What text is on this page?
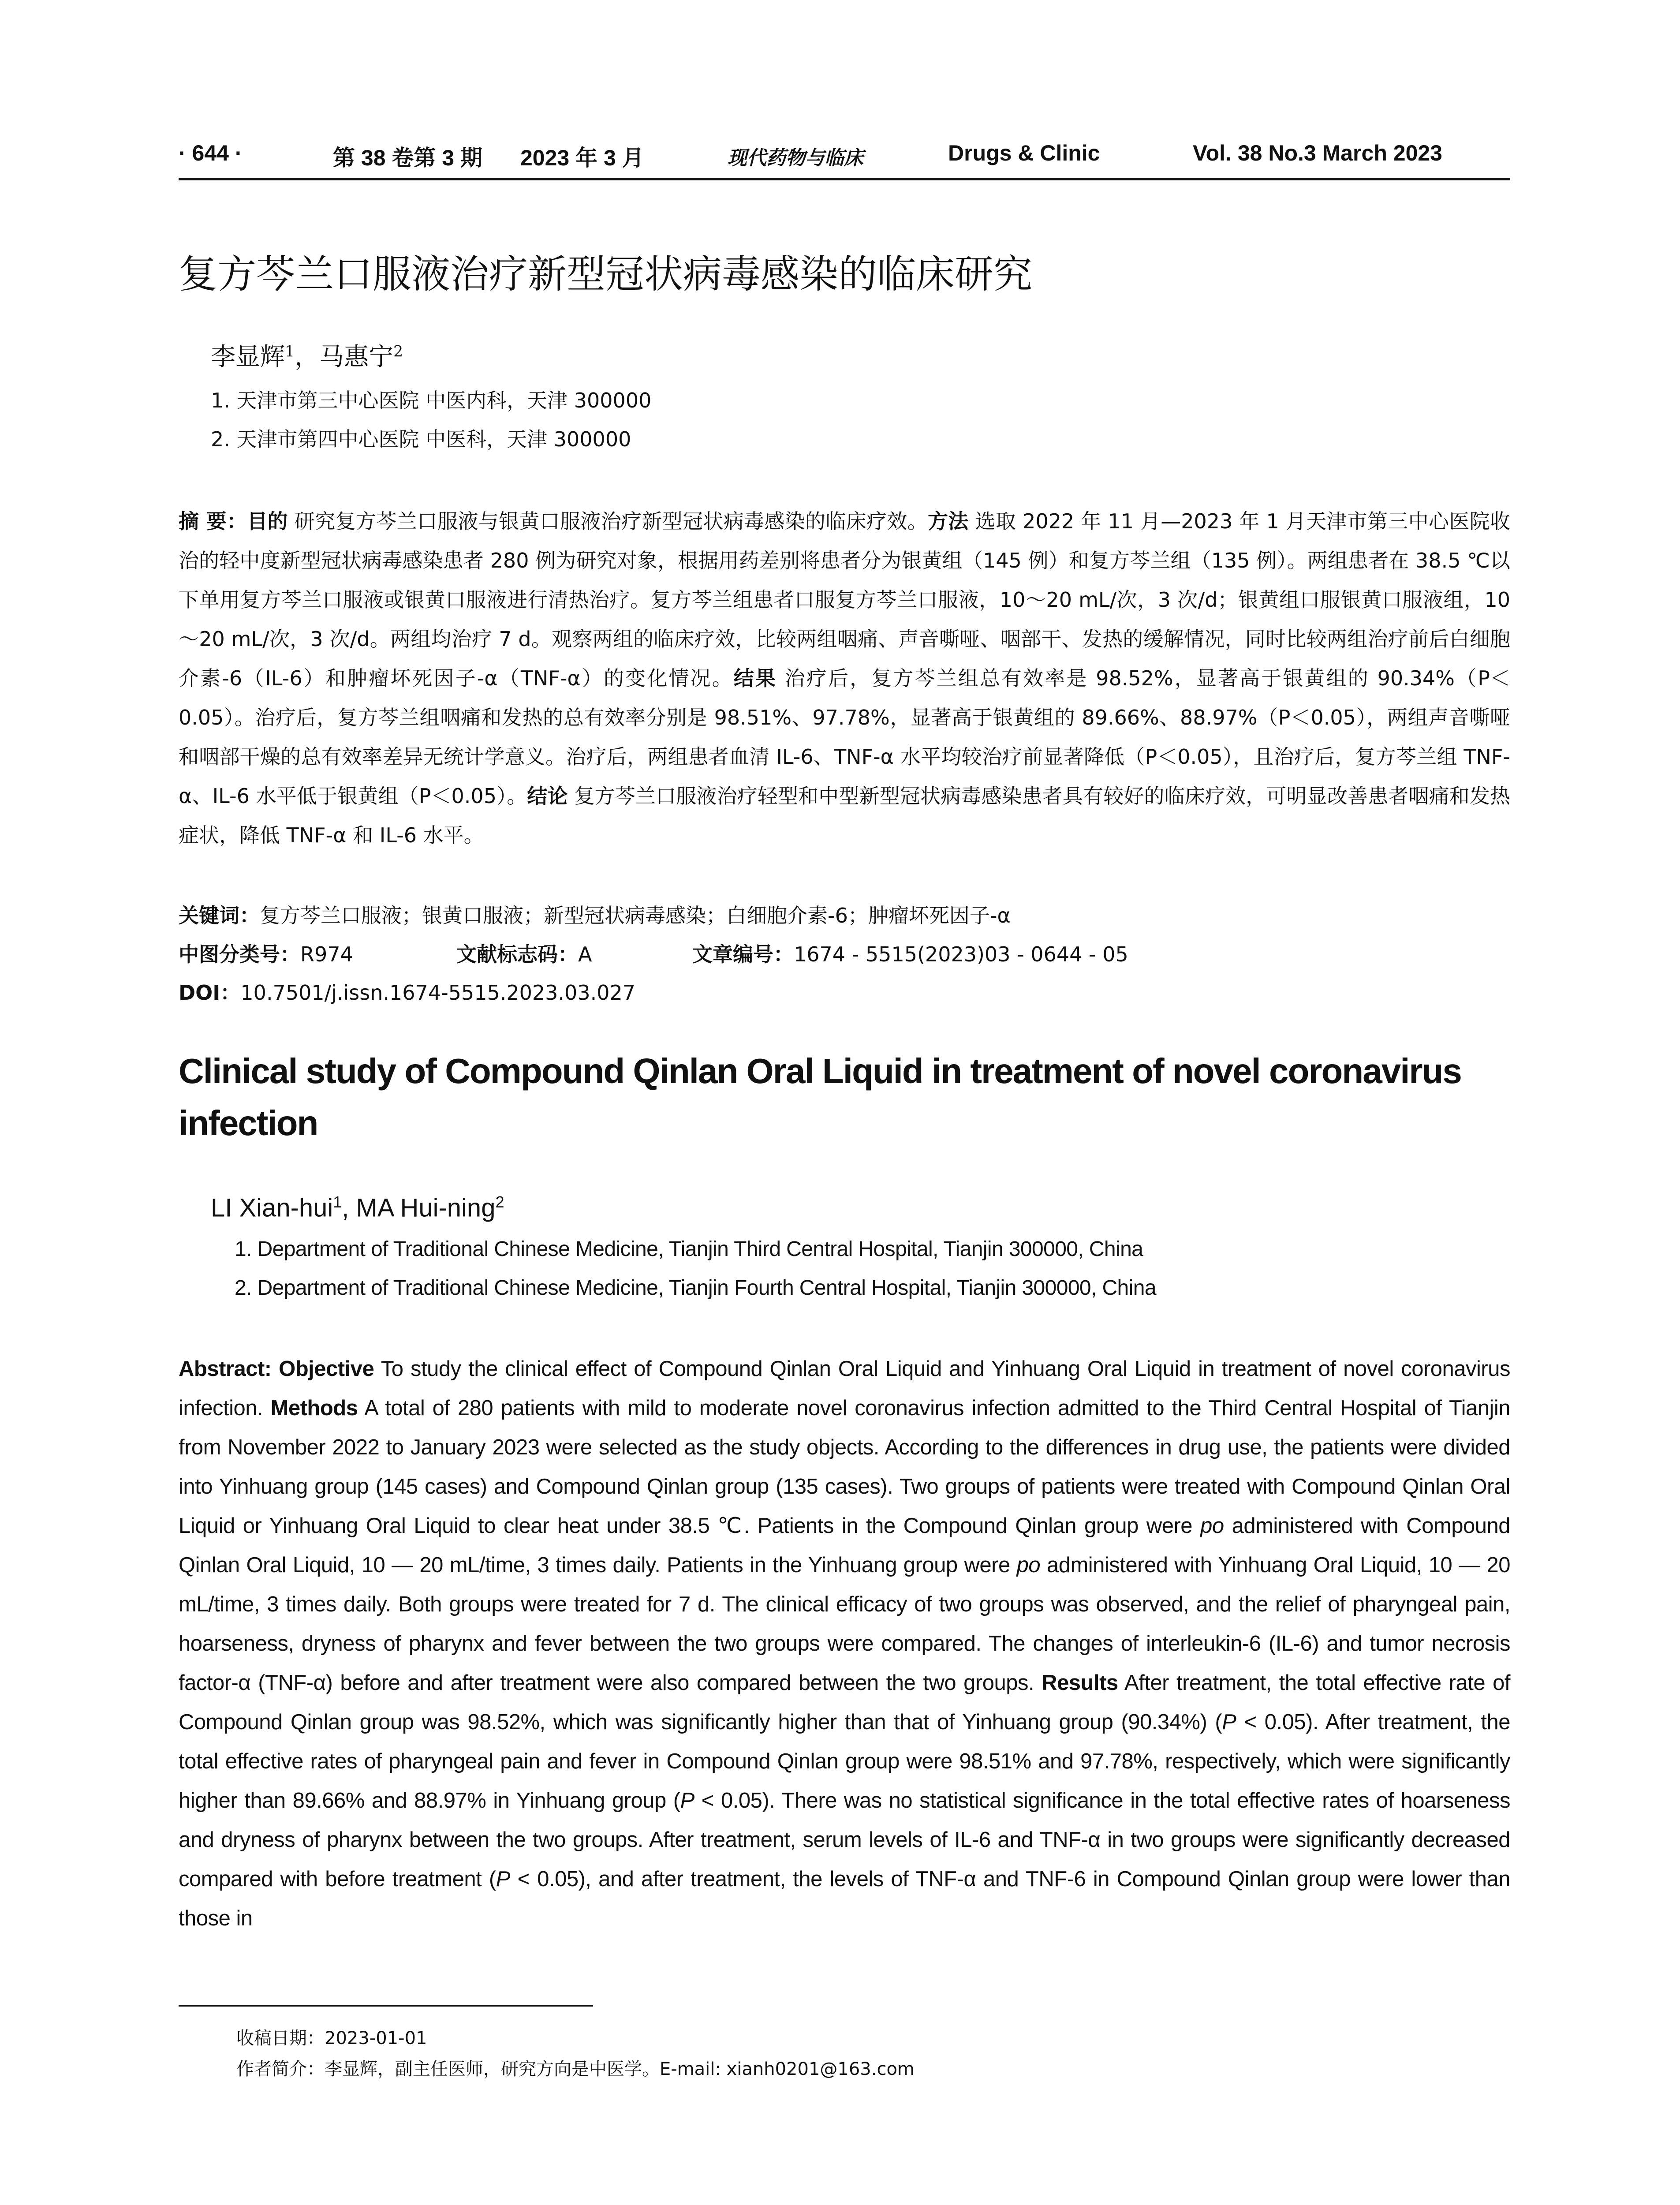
· 644 ·	第 38 卷第 3 期 2023 年 3 月	现代药物与临床	Drugs & Clinic	Vol. 38 No.3 March 2023
复方芩兰口服液治疗新型冠状病毒感染的临床研究
李显辉$^1$，马惠宁$^2$
1. 天津市第三中心医院 中医内科，天津 300000
2. 天津市第四中心医院 中医科，天津 300000
摘 要：目的 研究复方芩兰口服液与银黄口服液治疗新型冠状病毒感染的临床疗效。方法 选取 2022 年 11 月—2023 年 1 月天津市第三中心医院收治的轻中度新型冠状病毒感染患者 280 例为研究对象，根据用药差别将患者分为银黄组（145 例）和复方芩兰组（135 例）。两组患者在 38.5 ℃以下单用复方芩兰口服液或银黄口服液进行清热治疗。复方芩兰组患者口服复方芩兰口服液，10～20 mL/次，3 次/d；银黄组口服银黄口服液组，10～20 mL/次，3 次/d。两组均治疗 7 d。观察两组的临床疗效，比较两组咽痛、声音嘶哑、咽部干、发热的缓解情况，同时比较两组治疗前后白细胞介素-6（IL-6）和肿瘤坏死因子-α（TNF-α）的变化情况。结果 治疗后，复方芩兰组总有效率是 98.52%，显著高于银黄组的 90.34%（P＜0.05）。治疗后，复方芩兰组咽痛和发热的总有效率分别是 98.51%、97.78%，显著高于银黄组的 89.66%、88.97%（P＜0.05），两组声音嘶哑和咽部干燥的总有效率差异无统计学意义。治疗后，两组患者血清 IL-6、TNF-α 水平均较治疗前显著降低（P＜0.05），且治疗后，复方芩兰组 TNF-α、IL-6 水平低于银黄组（P＜0.05）。结论 复方芩兰口服液治疗轻型和中型新型冠状病毒感染患者具有较好的临床疗效，可明显改善患者咽痛和发热症状，降低 TNF-α 和 IL-6 水平。
关键词：复方芩兰口服液；银黄口服液；新型冠状病毒感染；白细胞介素-6；肿瘤坏死因子-α
中图分类号：R974	文献标志码：A	文章编号：1674 - 5515(2023)03 - 0644 - 05
DOI：10.7501/j.issn.1674-5515.2023.03.027
Clinical study of Compound Qinlan Oral Liquid in treatment of novel coronavirus infection
LI Xian-hui$^1$, MA Hui-ning$^2$
1. Department of Traditional Chinese Medicine, Tianjin Third Central Hospital, Tianjin 300000, China
2. Department of Traditional Chinese Medicine, Tianjin Fourth Central Hospital, Tianjin 300000, China
Abstract: Objective To study the clinical effect of Compound Qinlan Oral Liquid and Yinhuang Oral Liquid in treatment of novel coronavirus infection. Methods A total of 280 patients with mild to moderate novel coronavirus infection admitted to the Third Central Hospital of Tianjin from November 2022 to January 2023 were selected as the study objects. According to the differences in drug use, the patients were divided into Yinhuang group (145 cases) and Compound Qinlan group (135 cases). Two groups of patients were treated with Compound Qinlan Oral Liquid or Yinhuang Oral Liquid to clear heat under 38.5 ℃. Patients in the Compound Qinlan group were po administered with Compound Qinlan Oral Liquid, 10 — 20 mL/time, 3 times daily. Patients in the Yinhuang group were po administered with Yinhuang Oral Liquid, 10 — 20 mL/time, 3 times daily. Both groups were treated for 7 d. The clinical efficacy of two groups was observed, and the relief of pharyngeal pain, hoarseness, dryness of pharynx and fever between the two groups were compared. The changes of interleukin-6 (IL-6) and tumor necrosis factor-α (TNF-α) before and after treatment were also compared between the two groups. Results After treatment, the total effective rate of Compound Qinlan group was 98.52%, which was significantly higher than that of Yinhuang group (90.34%) (P < 0.05). After treatment, the total effective rates of pharyngeal pain and fever in Compound Qinlan group were 98.51% and 97.78%, respectively, which were significantly higher than 89.66% and 88.97% in Yinhuang group (P < 0.05). There was no statistical significance in the total effective rates of hoarseness and dryness of pharynx between the two groups. After treatment, serum levels of IL-6 and TNF-α in two groups were significantly decreased compared with before treatment (P < 0.05), and after treatment, the levels of TNF-α and TNF-6 in Compound Qinlan group were lower than those in
收稿日期：2023-01-01
作者简介：李显辉，副主任医师，研究方向是中医学。E-mail: xianh0201@163.com
